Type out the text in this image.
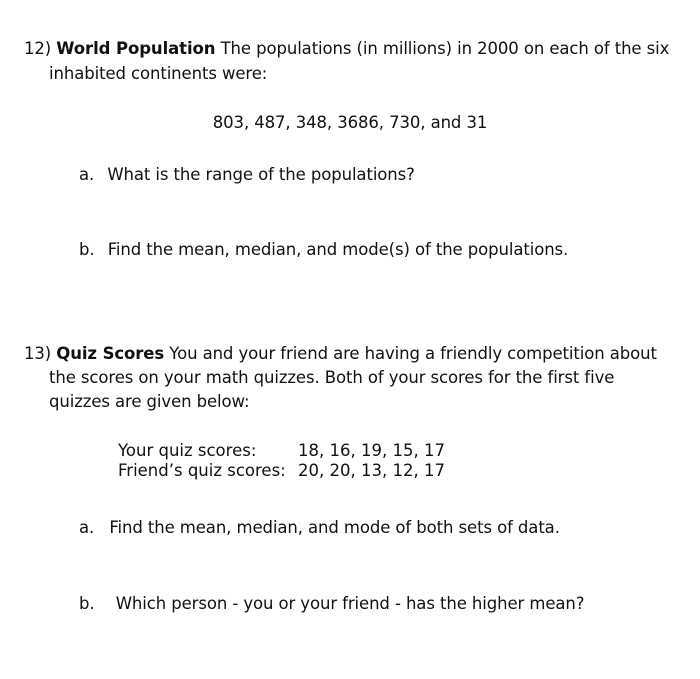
12) World Population The populations (in millions) in 2000 on each of the six
inhabited continents were:
803, 487, 348, 3686, 730, and 31
a. What is the range of the populations?
b. Find the mean, median, and mode(s) of the populations.
13) Quiz Scores You and your friend are having a friendly competition about
the scores on your math quizzes. Both of your scores for the first five
quizzes are given below:
Your quiz scores:	18, 16, 19, 15, 17
Friend’s quiz scores:	20, 20, 13, 12, 17
a. Find the mean, median, and mode of both sets of data.
b. Which person - you or your friend - has the higher mean?
